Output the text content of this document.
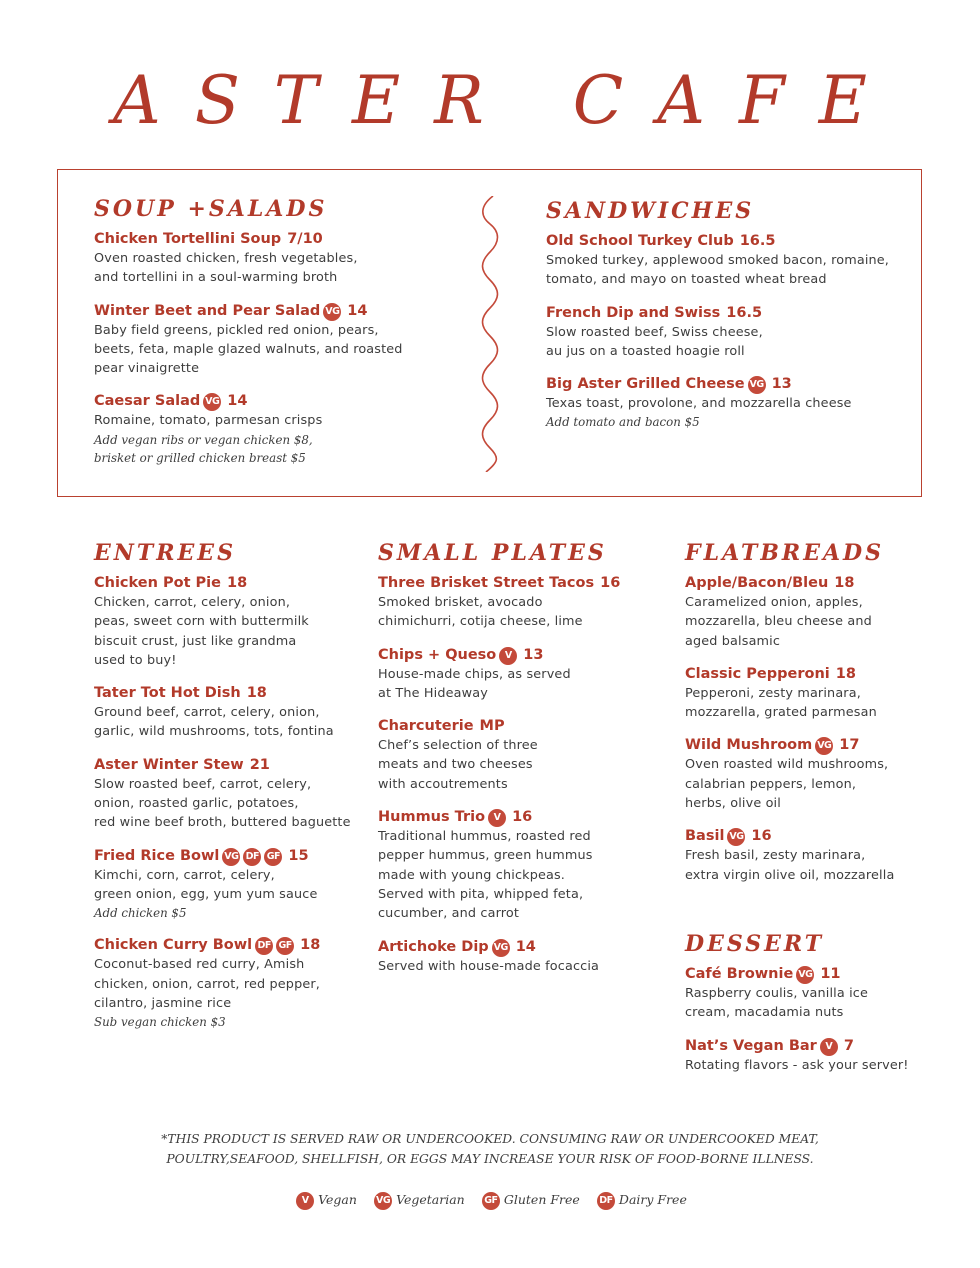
ASTER CAFE
SOUP +SALADS
Chicken Tortellini Soup 7/10
Oven roasted chicken, fresh vegetables,
and tortellini in a soul-warming broth
Winter Beet and Pear Salad VG 14
Baby field greens, pickled red onion, pears,
beets, feta, maple glazed walnuts, and roasted
pear vinaigrette
Caesar Salad VG 14
Romaine, tomato, parmesan crisps
Add vegan ribs or vegan chicken $8,
brisket or grilled chicken breast $5
SANDWICHES
Old School Turkey Club 16.5
Smoked turkey, applewood smoked bacon, romaine,
tomato, and mayo on toasted wheat bread
French Dip and Swiss 16.5
Slow roasted beef, Swiss cheese,
au jus on a toasted hoagie roll
Big Aster Grilled Cheese VG 13
Texas toast, provolone, and mozzarella cheese
Add tomato and bacon $5
ENTREES
Chicken Pot Pie 18
Chicken, carrot, celery, onion,
peas, sweet corn with buttermilk
biscuit crust, just like grandma
used to buy!
Tater Tot Hot Dish 18
Ground beef, carrot, celery, onion,
garlic, wild mushrooms, tots, fontina
Aster Winter Stew 21
Slow roasted beef, carrot, celery,
onion, roasted garlic, potatoes,
red wine beef broth, buttered baguette
Fried Rice Bowl VG DF GF 15
Kimchi, corn, carrot, celery,
green onion, egg, yum yum sauce
Add chicken $5
Chicken Curry Bowl DF GF 18
Coconut-based red curry, Amish
chicken, onion, carrot, red pepper,
cilantro, jasmine rice
Sub vegan chicken $3
SMALL PLATES
Three Brisket Street Tacos 16
Smoked brisket, avocado
chimichurri, cotija cheese, lime
Chips + Queso V 13
House-made chips, as served
at The Hideaway
Charcuterie MP
Chef’s selection of three
meats and two cheeses
with accoutrements
Hummus Trio V 16
Traditional hummus, roasted red
pepper hummus, green hummus
made with young chickpeas.
Served with pita, whipped feta,
cucumber, and carrot
Artichoke Dip VG 14
Served with house-made focaccia
FLATBREADS
Apple/Bacon/Bleu 18
Caramelized onion, apples,
mozzarella, bleu cheese and
aged balsamic
Classic Pepperoni 18
Pepperoni, zesty marinara,
mozzarella, grated parmesan
Wild Mushroom VG 17
Oven roasted wild mushrooms,
calabrian peppers, lemon,
herbs, olive oil
Basil VG 16
Fresh basil, zesty marinara,
extra virgin olive oil, mozzarella
DESSERT
Café Brownie VG 11
Raspberry coulis, vanilla ice
cream, macadamia nuts
Nat’s Vegan Bar V 7
Rotating flavors - ask your server!
*THIS PRODUCT IS SERVED RAW OR UNDERCOOKED. CONSUMING RAW OR UNDERCOOKED MEAT,
POULTRY,SEAFOOD, SHELLFISH, OR EGGS MAY INCREASE YOUR RISK OF FOOD-BORNE ILLNESS.
V Vegan VG Vegetarian GF Gluten Free DF Dairy Free
